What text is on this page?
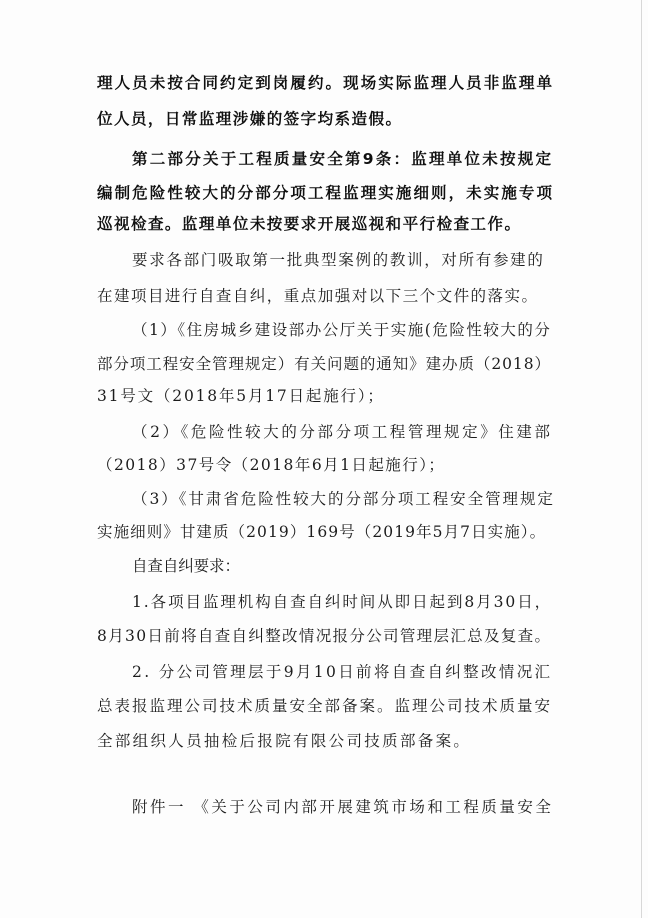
理人员未按合同约定到岗履约。现场实际监理人员非监理单

位人员，日常监理涉嫌的签字均系造假。

第二部分关于工程质量安全第9条：监理单位未按规定

编制危险性较大的分部分项工程监理实施细则，未实施专项

巡视检查。监理单位未按要求开展巡视和平行检查工作。

要求各部门吸取第一批典型案例的教训，对所有参建的

在建项目进行自查自纠，重点加强对以下三个文件的落实。

（1）《住房城乡建设部办公厅关于实施(危险性较大的分

部分项工程安全管理规定）有关问题的通知》建办质（2018）

31号文（2018年5月17日起施行）；

（2）《危险性较大的分部分项工程管理规定》住建部

（2018）37号令（2018年6月1日起施行）；

（3）《甘肃省危险性较大的分部分项工程安全管理规定

实施细则》甘建质（2019）169号（2019年5月7日实施）。

自查自纠要求：

1.各项目监理机构自查自纠时间从即日起到8月30日，

8月30日前将自查自纠整改情况报分公司管理层汇总及复查。

2. 分公司管理层于9月10日前将自查自纠整改情况汇

总表报监理公司技术质量安全部备案。监理公司技术质量安

全部组织人员抽检后报院有限公司技质部备案。

附件一 《关于公司内部开展建筑市场和工程质量安全
